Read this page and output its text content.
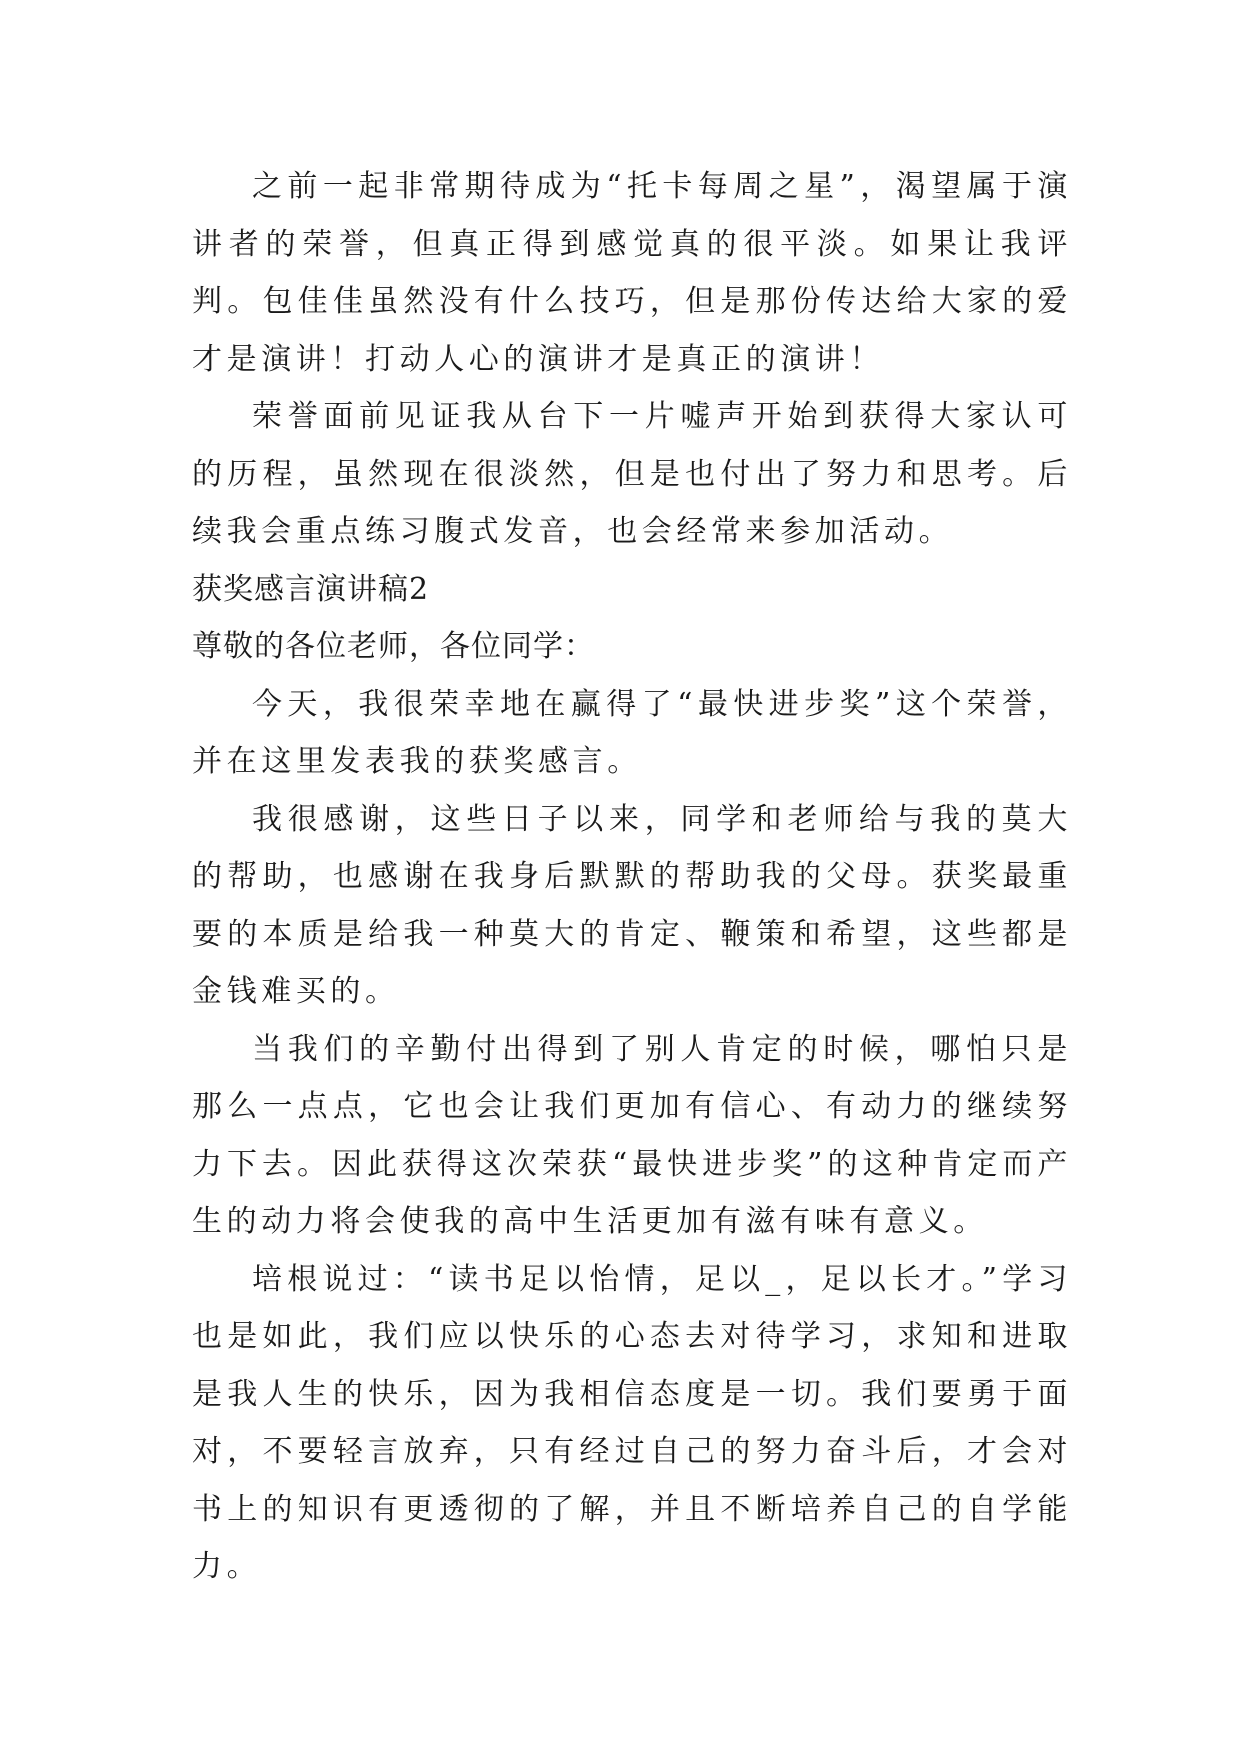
之前一起非常期待成为“托卡每周之星”，渴望属于演讲者的荣誉，但真正得到感觉真的很平淡。如果让我评判。包佳佳虽然没有什么技巧，但是那份传达给大家的爱才是演讲！打动人心的演讲才是真正的演讲！

荣誉面前见证我从台下一片嘘声开始到获得大家认可的历程，虽然现在很淡然，但是也付出了努力和思考。后续我会重点练习腹式发音，也会经常来参加活动。

获奖感言演讲稿2

尊敬的各位老师，各位同学：

今天，我很荣幸地在赢得了“最快进步奖”这个荣誉，并在这里发表我的获奖感言。

我很感谢，这些日子以来，同学和老师给与我的莫大的帮助，也感谢在我身后默默的帮助我的父母。获奖最重要的本质是给我一种莫大的肯定、鞭策和希望，这些都是金钱难买的。

当我们的辛勤付出得到了别人肯定的时候，哪怕只是那么一点点，它也会让我们更加有信心、有动力的继续努力下去。因此获得这次荣获“最快进步奖”的这种肯定而产生的动力将会使我的高中生活更加有滋有味有意义。

培根说过：“读书足以怡情，足以_，足以长才。”学习也是如此，我们应以快乐的心态去对待学习，求知和进取是我人生的快乐，因为我相信态度是一切。我们要勇于面对，不要轻言放弃，只有经过自己的努力奋斗后，才会对书上的知识有更透彻的了解，并且不断培养自己的自学能力。
